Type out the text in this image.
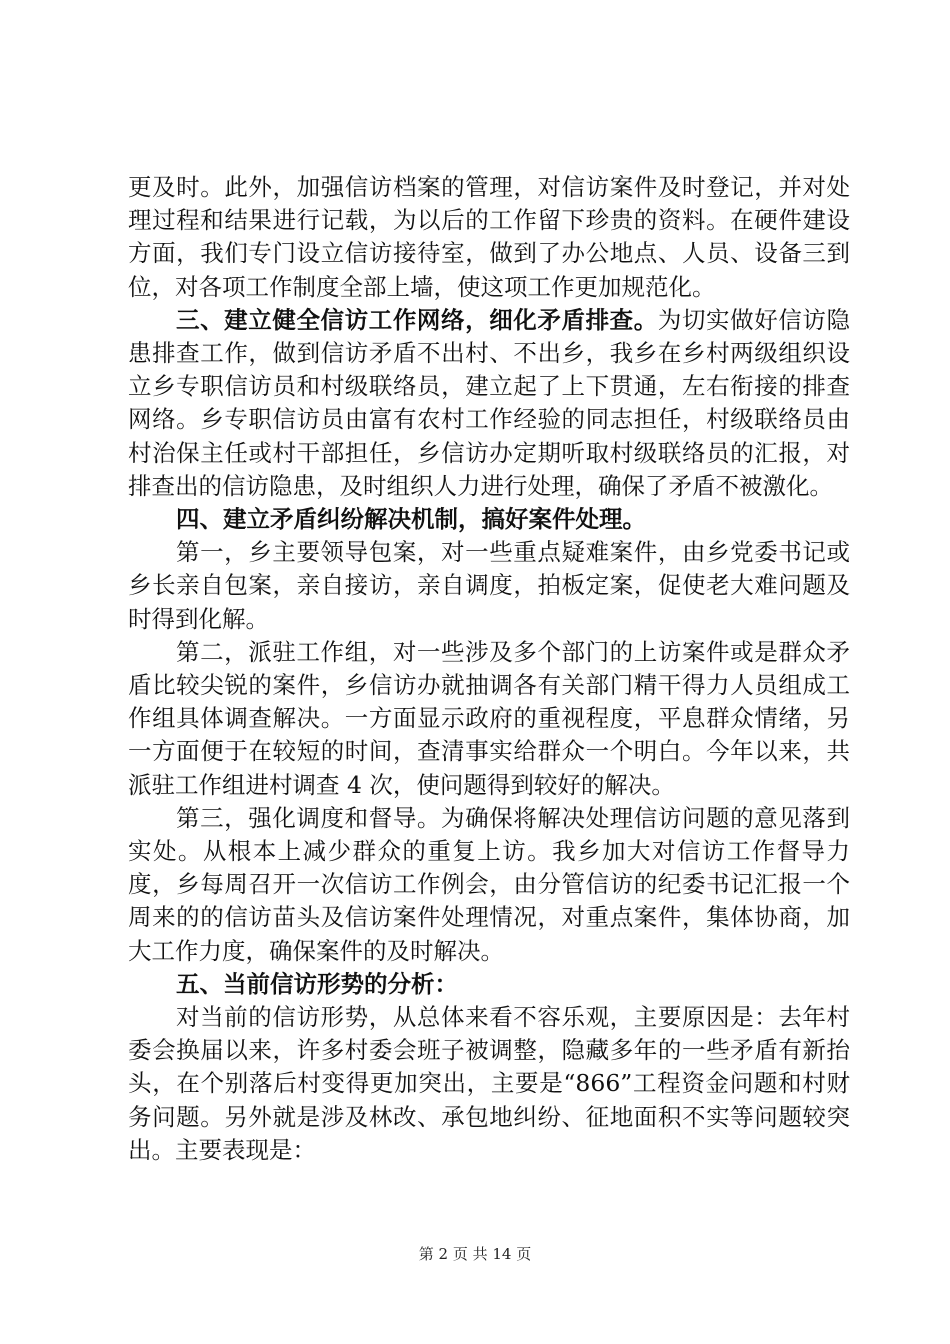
更及时。此外，加强信访档案的管理，对信访案件及时登记，并对处理过程和结果进行记载，为以后的工作留下珍贵的资料。在硬件建设方面，我们专门设立信访接待室，做到了办公地点、人员、设备三到位，对各项工作制度全部上墙，使这项工作更加规范化。

三、建立健全信访工作网络，细化矛盾排查。为切实做好信访隐患排查工作，做到信访矛盾不出村、不出乡，我乡在乡村两级组织设立乡专职信访员和村级联络员，建立起了上下贯通，左右衔接的排查网络。乡专职信访员由富有农村工作经验的同志担任，村级联络员由村治保主任或村干部担任，乡信访办定期听取村级联络员的汇报，对排查出的信访隐患，及时组织人力进行处理，确保了矛盾不被激化。

四、建立矛盾纠纷解决机制，搞好案件处理。

第一，乡主要领导包案，对一些重点疑难案件，由乡党委书记或乡长亲自包案，亲自接访，亲自调度，拍板定案，促使老大难问题及时得到化解。

第二，派驻工作组，对一些涉及多个部门的上访案件或是群众矛盾比较尖锐的案件，乡信访办就抽调各有关部门精干得力人员组成工作组具体调查解决。一方面显示政府的重视程度，平息群众情绪，另一方面便于在较短的时间，查清事实给群众一个明白。今年以来，共派驻工作组进村调查 4 次，使问题得到较好的解决。

第三，强化调度和督导。为确保将解决处理信访问题的意见落到实处。从根本上减少群众的重复上访。我乡加大对信访工作督导力度，乡每周召开一次信访工作例会，由分管信访的纪委书记汇报一个周来的的信访苗头及信访案件处理情况，对重点案件，集体协商，加大工作力度，确保案件的及时解决。

五、当前信访形势的分析：

对当前的信访形势，从总体来看不容乐观，主要原因是：去年村委会换届以来，许多村委会班子被调整，隐藏多年的一些矛盾有新抬头，在个别落后村变得更加突出，主要是“866”工程资金问题和村财务问题。另外就是涉及林改、承包地纠纷、征地面积不实等问题较突出。主要表现是：

第 2 页 共 14 页
